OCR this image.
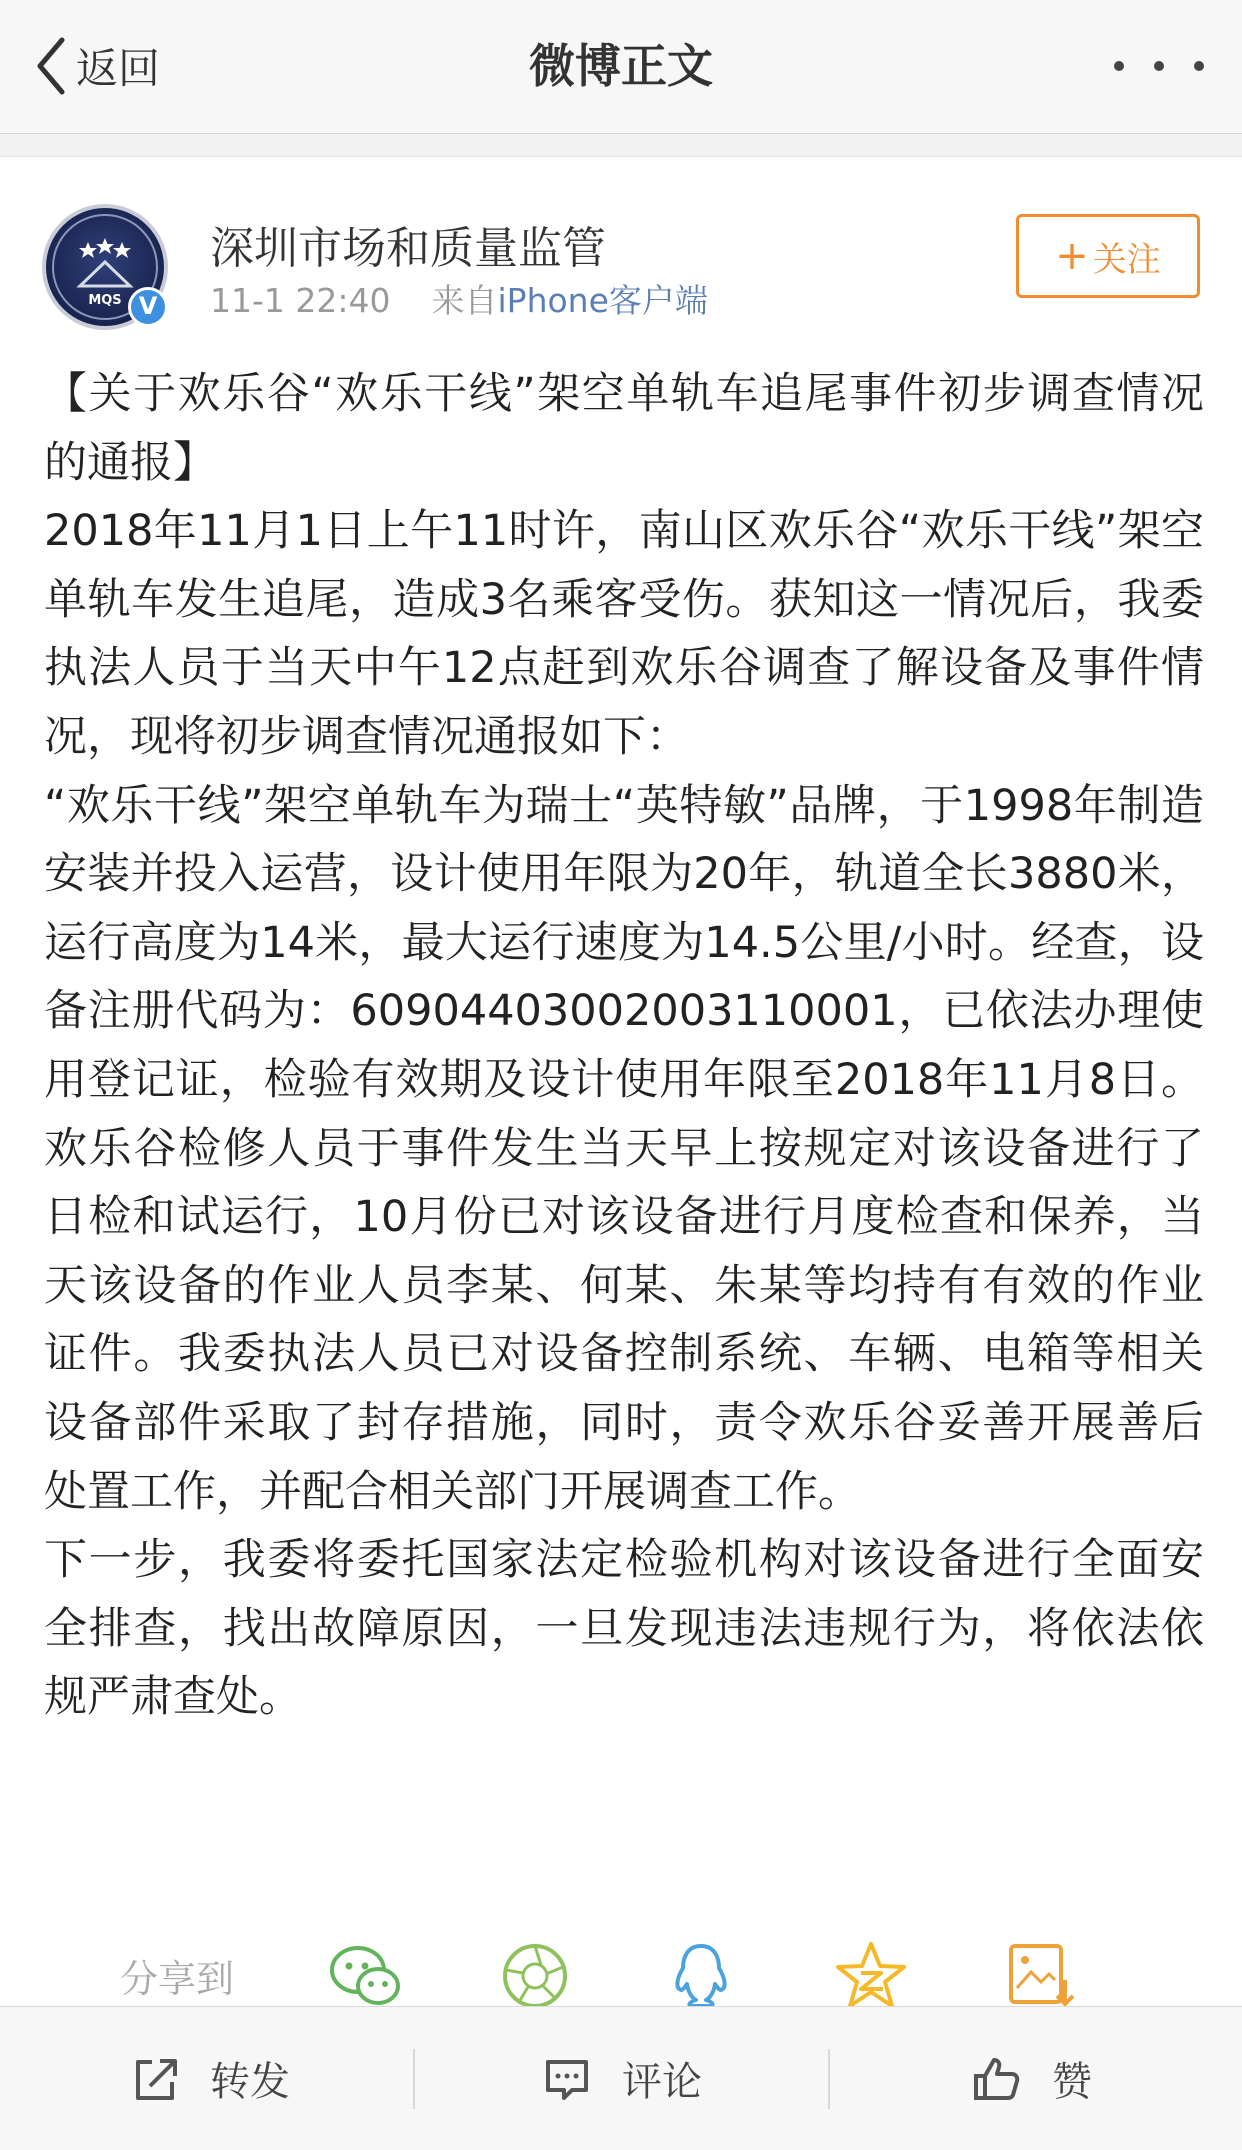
返回	微博正文
MQS V
深圳市场和质量监管
11-1 22:40 来自iPhone客户端
+ 关注

【关于欢乐谷“欢乐干线”架空单轨车追尾事件初步调查情况的通报】

2018年11月1日上午11时许，南山区欢乐谷“欢乐干线”架空单轨车发生追尾，造成3名乘客受伤。获知这一情况后，我委执法人员于当天中午12点赶到欢乐谷调查了解设备及事件情况，现将初步调查情况通报如下：

“欢乐干线”架空单轨车为瑞士“英特敏”品牌，于1998年制造安装并投入运营，设计使用年限为20年，轨道全长3880米，运行高度为14米，最大运行速度为14.5公里/小时。经查，设备注册代码为：60904403002003110001，已依法办理使用登记证，检验有效期及设计使用年限至2018年11月8日。欢乐谷检修人员于事件发生当天早上按规定对该设备进行了日检和试运行，10月份已对该设备进行月度检查和保养，当天该设备的作业人员李某、何某、朱某等均持有有效的作业证件。我委执法人员已对设备控制系统、车辆、电箱等相关设备部件采取了封存措施，同时，责令欢乐谷妥善开展善后处置工作，并配合相关部门开展调查工作。

下一步，我委将委托国家法定检验机构对该设备进行全面安全排查，找出故障原因，一旦发现违法违规行为，将依法依规严肃查处。

分享到
转发	评论	赞
